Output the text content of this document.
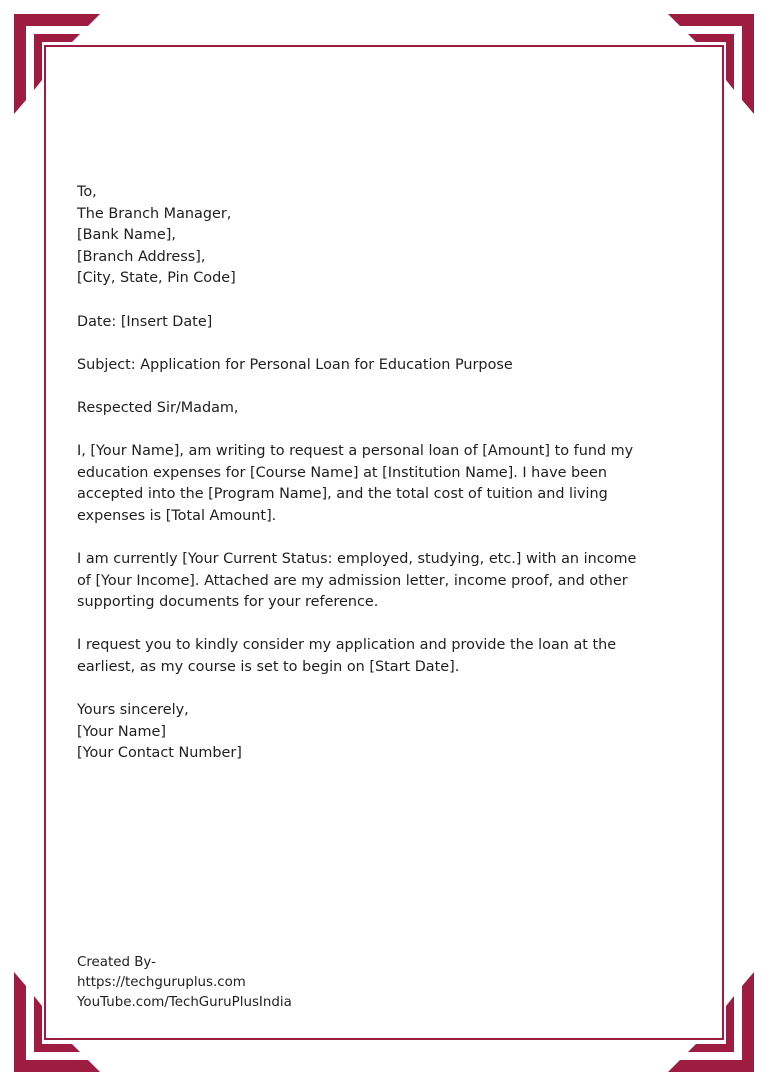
To,
The Branch Manager,
[Bank Name],
[Branch Address],
[City, State, Pin Code]
Date: [Insert Date]
Subject: Application for Personal Loan for Education Purpose
Respected Sir/Madam,
I, [Your Name], am writing to request a personal loan of [Amount] to fund my
education expenses for [Course Name] at [Institution Name]. I have been
accepted into the [Program Name], and the total cost of tuition and living
expenses is [Total Amount].
I am currently [Your Current Status: employed, studying, etc.] with an income
of [Your Income]. Attached are my admission letter, income proof, and other
supporting documents for your reference.
I request you to kindly consider my application and provide the loan at the
earliest, as my course is set to begin on [Start Date].
Yours sincerely,
[Your Name]
[Your Contact Number]
Created By-
https://techguruplus.com
YouTube.com/TechGuruPlusIndia
